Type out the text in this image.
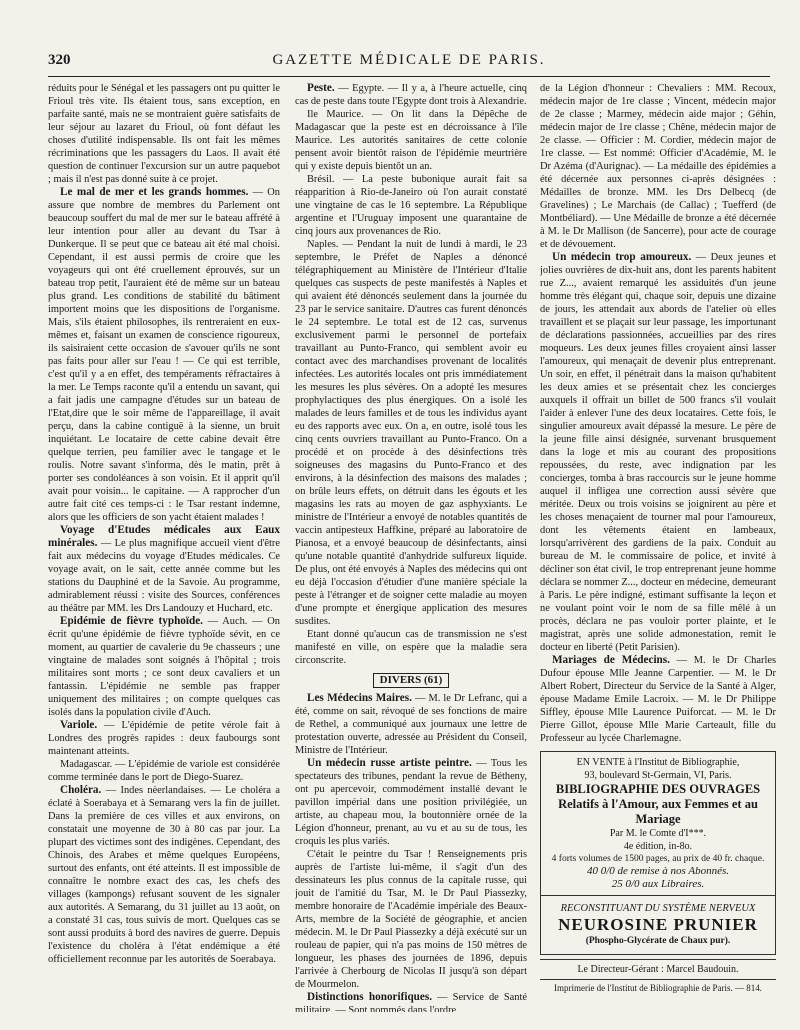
320	GAZETTE MÉDICALE DE PARIS.

réduits pour le Sénégal et les passagers ont pu quitter le Frioul très vite. Ils étaient tous, sans exception, en parfaite santé, mais ne se montraient guère satisfaits de leur séjour au lazaret du Frioul, où font défaut les choses d'utilité indispensable. Ils ont fait les mêmes récriminations que les passagers du Laos. Il avait été question de continuer l'excursion sur un autre paquebot ; mais il n'est pas donné suite à ce projet.

Le mal de mer et les grands hommes. — On assure que nombre de membres du Parlement ont beaucoup souffert du mal de mer sur le bateau affrété à leur intention pour aller au devant du Tsar à Dunkerque. Il se peut que ce bateau ait été mal choisi. Cependant, il est aussi permis de croire que les voyageurs qui ont été cruellement éprouvés, sur un bateau trop petit, l'auraient été de même sur un bateau plus grand. Les conditions de stabilité du bâtiment importent moins que les dispositions de l'organisme. Mais, s'ils étaient philosophes, ils rentreraient en eux-mêmes et, faisant un examen de conscience rigoureux, ils saisiraient cette occasion de s'avouer qu'ils ne sont pas faits pour aller sur l'eau ! — Ce qui est terrible, c'est qu'il y a en effet, des tempéraments réfractaires à la mer. Le Temps raconte qu'il a entendu un savant, qui a fait jadis une campagne d'études sur un bateau de l'Etat,dire que le soir même de l'appareillage, il avait perçu, dans la cabine contiguë à la sienne, un bruit inquiétant. Le locataire de cette cabine devait être quelque terrien, peu familier avec le tangage et le roulis. Notre savant s'informa, dès le matin, prêt à porter ses condoléances à son voisin. Et il apprit qu'il avait pour voisin... le capitaine. — A rapprocher d'un autre fait cité ces temps-ci : le Tsar restant indemne, alors que les officiers de son yacht étaient malades !

Voyage d'Etudes médicales aux Eaux minérales. — Le plus magnifique accueil vient d'être fait aux médecins du voyage d'Etudes médicales. Ce voyage avait, on le sait, cette année comme but les stations du Dauphiné et de la Savoie. Au programme, admirablement réussi : visite des Sources, conférences au théâtre par MM. les Drs Landouzy et Huchard, etc.

Epidémie de fièvre typhoïde. — Auch. — On écrit qu'une épidémie de fièvre typhoïde sévit, en ce moment, au quartier de cavalerie du 9e chasseurs ; une vingtaine de malades sont soignés à l'hôpital ; trois militaires sont morts ; ce sont deux cavaliers et un fantassin. L'épidémie ne semble pas frapper uniquement des militaires ; on compte quelques cas isolés dans la population civile d'Auch.

Variole. — L'épidémie de petite vérole fait à Londres des progrès rapides : deux faubourgs sont maintenant atteints.

Madagascar. — L'épidémie de variole est considérée comme terminée dans le port de Diego-Suarez.

Choléra. — Indes nèerlandaises. — Le choléra a éclaté à Soerabaya et à Semarang vers la fin de juillet. Dans la première de ces villes et aux environs, on constatait une moyenne de 30 à 80 cas par jour. La plupart des victimes sont des indigènes. Cependant, des Chinois, des Arabes et même quelques Européens, surtout des enfants, ont été atteints. Il est impossible de connaître le nombre exact des cas, les chefs des villages (kampongs) refusant souvent de les signaler aux autorités. A Semarang, du 31 juillet au 13 août, on a constaté 31 cas, tous suivis de mort. Quelques cas se sont aussi produits à bord des navires de guerre. Depuis l'existence du choléra à l'état endémique a été officiellement reconnue par les autorités de Soerabaya.

Peste. — Egypte. — Il y a, à l'heure actuelle, cinq cas de peste dans toute l'Egypte dont trois à Alexandrie.

Ile Maurice. — On lit dans la Dépêche de Madagascar que la peste est en décroissance à l'île Maurice. Les autorités sanitaires de cette colonie pensent avoir bientôt raison de l'épidémie meurtrière qui y existe depuis bientôt un an.

Brésil. — La peste bubonique aurait fait sa réapparition à Rio-de-Janeiro où l'on aurait constaté une vingtaine de cas le 16 septembre. La République argentine et l'Uruguay imposent une quarantaine de cinq jours aux provenances de Rio.

Naples. — Pendant la nuit de lundi à mardi, le 23 septembre, le Préfet de Naples a dénoncé télégraphiquement au Ministère de l'Intérieur d'Italie quelques cas suspects de peste manifestés à Naples et qui avaient été dénoncés seulement dans la journée du 23 par le service sanitaire. D'autres cas furent dénoncés le 24 septembre. Le total est de 12 cas, survenus exclusivement parmi le personnel de portefaix travaillant au Punto-Franco, qui semblent avoir eu contact avec des marchandises provenant de localités infectées. Les autorités locales ont pris immédiatement les mesures les plus sévères. On a adopté les mesures prophylactiques des plus énergiques. On a isolé les malades de leurs familles et de tous les individus ayant eu des rapports avec eux. On a, en outre, isolé tous les cinq cents ouvriers travaillant au Punto-Franco. On a procédé et on procède à des désinfections très soigneuses des magasins du Punto-Franco et des environs, à la désinfection des maisons des malades ; on brûle leurs effets, on détruit dans les égouts et les magasins les rats au moyen de gaz asphyxiants. Le ministre de l'Intérieur a envoyé de notables quantités de vaccin antipesteux Haffkine, préparé au laboratoire de Pianosa, et a envoyé beaucoup de désinfectants, ainsi qu'une notable quantité d'anhydride sulfureux liquide. De plus, ont été envoyés à Naples des médecins qui ont eu déjà l'occasion d'étudier d'une manière spéciale la peste à l'étranger et de soigner cette maladie au moyen d'une prompte et énergique application des mesures susdites.

Etant donné qu'aucun cas de transmission ne s'est manifesté en ville, on espère que la maladie sera circonscrite.

DIVERS (61)

Les Médecins Maires. — M. le Dr Lefranc, qui a été, comme on sait, révoqué de ses fonctions de maire de Rethel, a communiqué aux journaux une lettre de protestation ouverte, adressée au Président du Conseil, Ministre de l'Intérieur.

Un médecin russe artiste peintre. — Tous les spectateurs des tribunes, pendant la revue de Bétheny, ont pu apercevoir, commodément installé devant le pavillon impérial dans une position privilégiée, un artiste, au chapeau mou, la boutonnière ornée de la Légion d'honneur, prenant, au vu et au su de tous, les croquis les plus variés.

C'était le peintre du Tsar ! Renseignements pris auprès de l'artiste lui-même, il s'agit d'un des dessinateurs les plus connus de la capitale russe, qui jouit de l'amitié du Tsar, M. le Dr Paul Piassezky, membre honoraire de l'Académie impériale des Beaux-Arts, membre de la Société de géographie, et ancien médecin. M. le Dr Paul Piassezky a déjà exécuté sur un rouleau de papier, qui n'a pas moins de 150 mètres de longueur, les phases des journées de 1896, depuis l'arrivée à Cherbourg de Nicolas II jusqu'à son départ de Mourmelon.

Distinctions honorifiques. — Service de Santé militaire. — Sont nommés dans l'ordre

de la Légion d'honneur : Chevaliers : MM. Recoux, médecin major de 1re classe ; Vincent, médecin major de 2e classe ; Marmey, médecin aide major ; Géhin, médecin major de 1re classe ; Chêne, médecin major de 2e classe. — Officier : M. Cordier, médecin major de 1re classe. — Est nommé: Officier d'Académie, M. le Dr Azéma (d'Aurignac). — La médaille des épidémies a été décernée aux personnes ci-après désignées : Médailles de bronze. MM. les Drs Delbecq (de Gravelines) ; Le Marchais (de Callac) ; Tuefferd (de Montbéliard). — Une Médaille de bronze a été décernée à M. le Dr Mallison (de Sancerre), pour acte de courage et de dévouement.

Un médecin trop amoureux. — Deux jeunes et jolies ouvrières de dix-huit ans, dont les parents habitent rue Z..., avaient remarqué les assiduités d'un jeune homme très élégant qui, chaque soir, depuis une dizaine de jours, les attendait aux abords de l'atelier où elles travaillent et se plaçait sur leur passage, les importunant de déclarations passionnées, accueillies par des rires moqueurs. Les deux jeunes filles croyaient ainsi lasser l'amoureux, qui menaçait de devenir plus entreprenant. Un soir, en effet, il pénétrait dans la maison qu'habitent les deux amies et se présentait chez les concierges auxquels il offrait un billet de 500 francs s'il voulait l'aider à enlever l'une des deux locataires. Cette fois, le singulier amoureux avait dépassé la mesure. Le père de la jeune fille ainsi désignée, survenant brusquement dans la loge et mis au courant des propositions repoussées, du reste, avec indignation par les concierges, tomba à bras raccourcis sur le jeune homme auquel il infligea une correction aussi sévère que méritée. Deux ou trois voisins se joignirent au père et les choses menaçaient de tourner mal pour l'amoureux, dont les vêtements étaient en lambeaux, lorsqu'arrivèrent des gardiens de la paix. Conduit au bureau de M. le commissaire de police, et invité à décliner son état civil, le trop entreprenant jeune homme déclara se nommer Z..., docteur en médecine, demeurant à Paris. Le père indigné, estimant suffisante la leçon et ne voulant point voir le nom de sa fille mêlé à un procès, déclara ne pas vouloir porter plainte, et le magistrat, après une solide admonestation, remit le docteur en liberté (Petit Parisien).

Mariages de Médecins. — M. le Dr Charles Dufour épouse Mlle Jeanne Carpentier. — M. le Dr Albert Robert, Directeur du Service de la Santé à Alger, épouse Madame Emile Lacroix. — M. le Dr Philippe Siffley, épouse Mlle Laurence Puiforcat. — M. le Dr Pierre Gillot, épouse Mlle Marie Carteault, fille du Professeur au lycée Charlemagne.

EN VENTE à l'Institut de Bibliographie,
93, boulevard St-Germain, VI, Paris.
BIBLIOGRAPHIE DES OUVRAGES
Relatifs à l'Amour, aux Femmes et au Mariage
Par M. le Comte d'I***.
4e édition, in-8o.
4 forts volumes de 1500 pages, au prix de 40 fr. chaque.
40 0/0 de remise à nos Abonnés.
25 0/0 aux Libraires.
RECONSTITUANT DU SYSTÈME NERVEUX
NEUROSINE PRUNIER
(Phospho-Glycérate de Chaux pur).
Le Directeur-Gérant : Marcel Baudouin.
Imprimerie de l'Institut de Bibliographie de Paris. — 814.
